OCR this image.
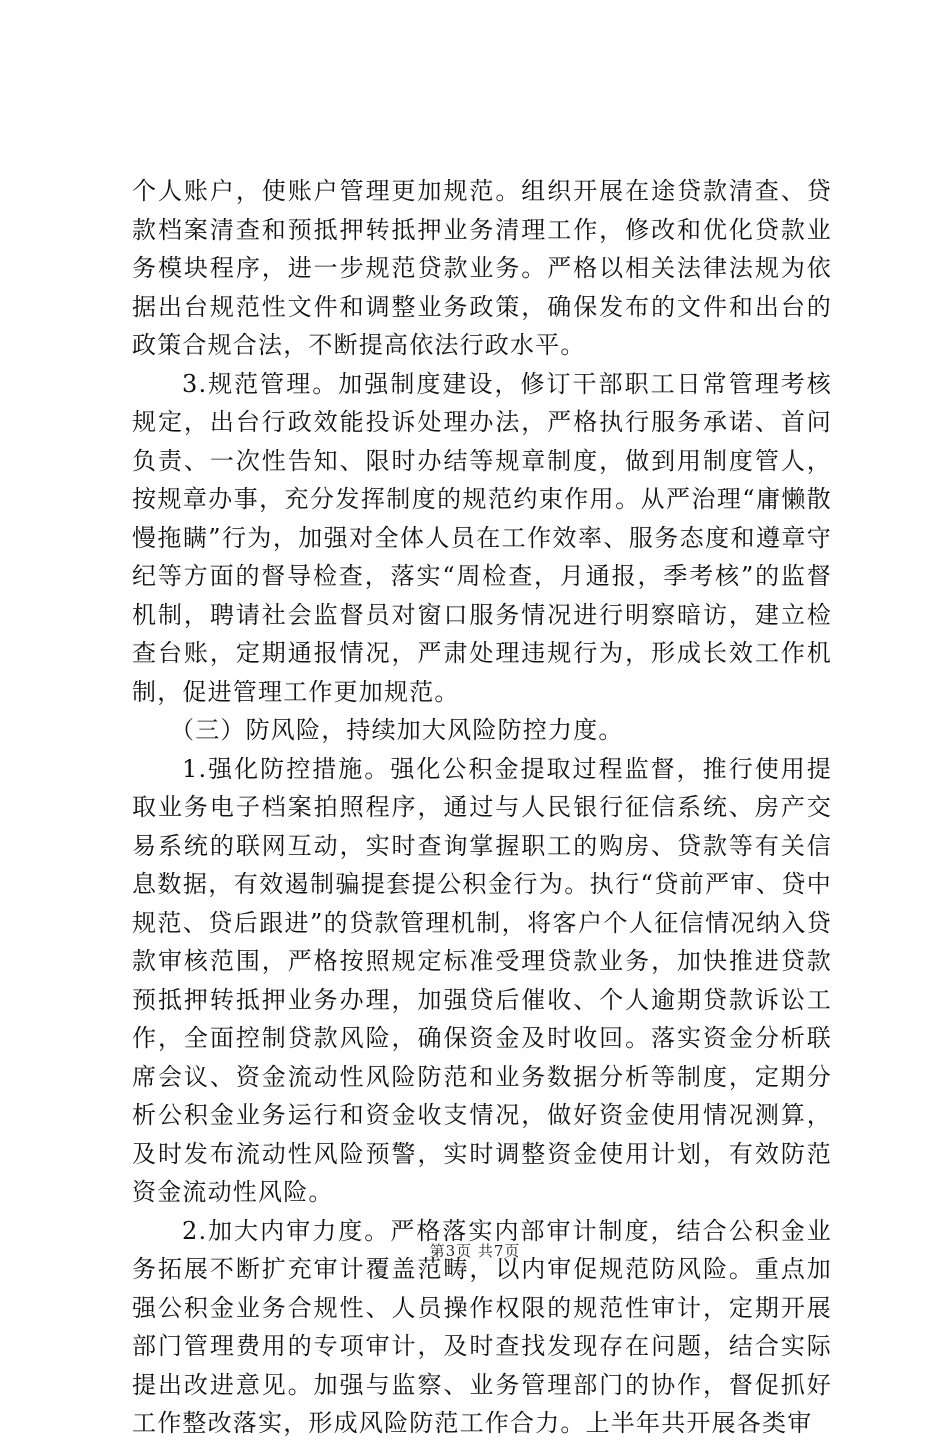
个人账户，使账户管理更加规范。组织开展在途贷款清查、贷款档案清查和预抵押转抵押业务清理工作，修改和优化贷款业务模块程序，进一步规范贷款业务。严格以相关法律法规为依据出台规范性文件和调整业务政策，确保发布的文件和出台的政策合规合法，不断提高依法行政水平。

3.规范管理。加强制度建设，修订干部职工日常管理考核规定，出台行政效能投诉处理办法，严格执行服务承诺、首问负责、一次性告知、限时办结等规章制度，做到用制度管人，按规章办事，充分发挥制度的规范约束作用。从严治理“庸懒散慢拖瞒”行为，加强对全体人员在工作效率、服务态度和遵章守纪等方面的督导检查，落实“周检查，月通报，季考核”的监督机制，聘请社会监督员对窗口服务情况进行明察暗访，建立检查台账，定期通报情况，严肃处理违规行为，形成长效工作机制，促进管理工作更加规范。

（三）防风险，持续加大风险防控力度。

1.强化防控措施。强化公积金提取过程监督，推行使用提取业务电子档案拍照程序，通过与人民银行征信系统、房产交易系统的联网互动，实时查询掌握职工的购房、贷款等有关信息数据，有效遏制骗提套提公积金行为。执行“贷前严审、贷中规范、贷后跟进”的贷款管理机制，将客户个人征信情况纳入贷款审核范围，严格按照规定标准受理贷款业务，加快推进贷款预抵押转抵押业务办理，加强贷后催收、个人逾期贷款诉讼工作，全面控制贷款风险，确保资金及时收回。落实资金分析联席会议、资金流动性风险防范和业务数据分析等制度，定期分析公积金业务运行和资金收支情况，做好资金使用情况测算，及时发布流动性风险预警，实时调整资金使用计划，有效防范资金流动性风险。

2.加大内审力度。严格落实内部审计制度，结合公积金业务拓展不断扩充审计覆盖范畴，以内审促规范防风险。重点加强公积金业务合规性、人员操作权限的规范性审计，定期开展部门管理费用的专项审计，及时查找发现存在问题，结合实际提出改进意见。加强与监察、业务管理部门的协作，督促抓好工作整改落实，形成风险防范工作合力。上半年共开展各类审

第3页 共7页
